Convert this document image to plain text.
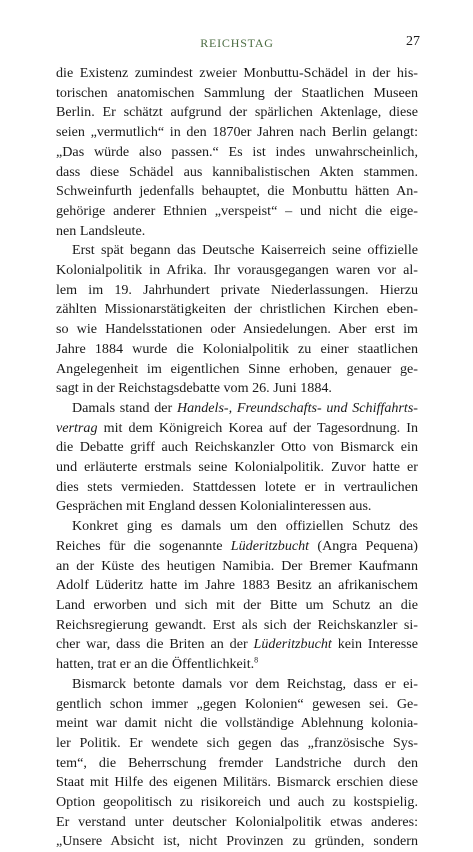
REICHSTAG	27

die Existenz zumindest zweier Monbuttu-Schädel in der his-
torischen anatomischen Sammlung der Staatlichen Museen
Berlin. Er schätzt aufgrund der spärlichen Aktenlage, diese
seien „vermutlich“ in den 1870er Jahren nach Berlin gelangt:
„Das würde also passen.“ Es ist indes unwahrscheinlich,
dass diese Schädel aus kannibalistischen Akten stammen.
Schweinfurth jedenfalls behauptet, die Monbuttu hätten An-
gehörige anderer Ethnien „verspeist“ – und nicht die eige-
nen Landsleute.

Erst spät begann das Deutsche Kaiserreich seine offizielle
Kolonialpolitik in Afrika. Ihr vorausgegangen waren vor al-
lem im 19. Jahrhundert private Niederlassungen. Hierzu
zählten Missionarstätigkeiten der christlichen Kirchen eben-
so wie Handelsstationen oder Ansiedelungen. Aber erst im
Jahre 1884 wurde die Kolonialpolitik zu einer staatlichen
Angelegenheit im eigentlichen Sinne erhoben, genauer ge-
sagt in der Reichstagsdebatte vom 26. Juni 1884.

Damals stand der Handels-, Freundschafts- und Schiffahrts-
vertrag mit dem Königreich Korea auf der Tagesordnung. In
die Debatte griff auch Reichskanzler Otto von Bismarck ein
und erläuterte erstmals seine Kolonialpolitik. Zuvor hatte er
dies stets vermieden. Stattdessen lotete er in vertraulichen
Gesprächen mit England dessen Kolonialinteressen aus.

Konkret ging es damals um den offiziellen Schutz des
Reiches für die sogenannte Lüderitzbucht (Angra Pequena)
an der Küste des heutigen Namibia. Der Bremer Kaufmann
Adolf Lüderitz hatte im Jahre 1883 Besitz an afrikanischem
Land erworben und sich mit der Bitte um Schutz an die
Reichsregierung gewandt. Erst als sich der Reichskanzler si-
cher war, dass die Briten an der Lüderitzbucht kein Interesse
hatten, trat er an die Öffentlichkeit.$^8$

Bismarck betonte damals vor dem Reichstag, dass er ei-
gentlich schon immer „gegen Kolonien“ gewesen sei. Ge-
meint war damit nicht die vollständige Ablehnung koloniа-
ler Politik. Er wendete sich gegen das „französische Sys-
tem“, die Beherrschung fremder Landstriche durch den
Staat mit Hilfe des eigenen Militärs. Bismarck erschien diese
Option geopolitisch zu risikoreich und auch zu kostspielig.
Er verstand unter deutscher Kolonialpolitik etwas anderes:
„Unsere Absicht ist, nicht Provinzen zu gründen, sondern
